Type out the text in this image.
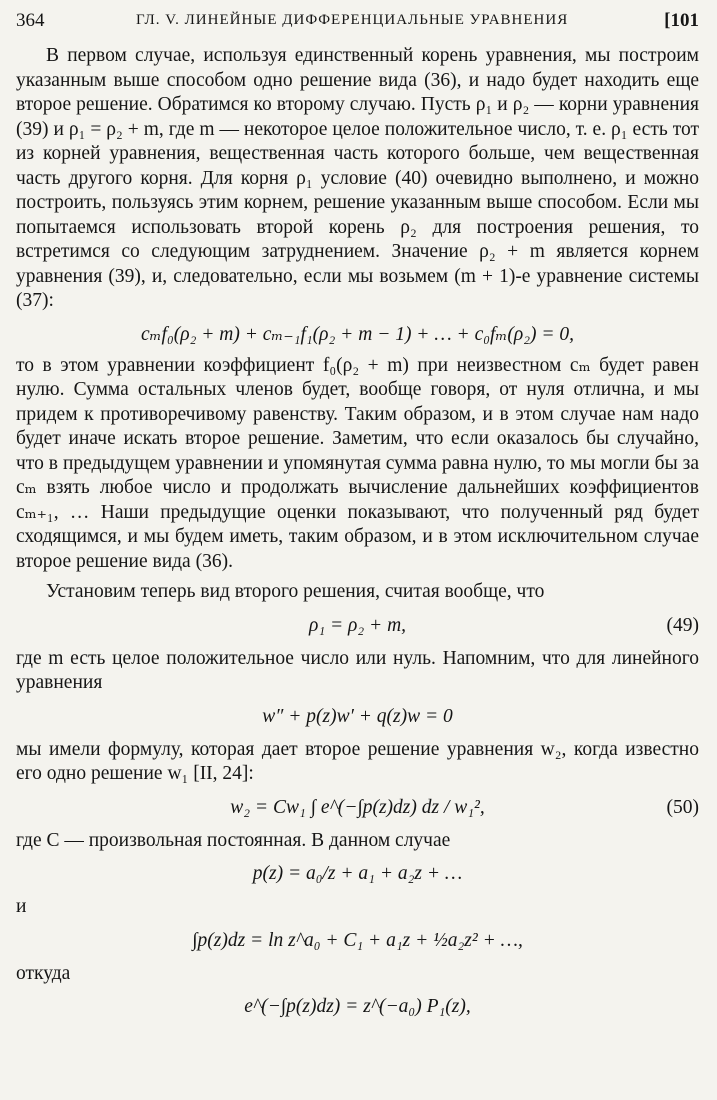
364	ГЛ. V. ЛИНЕЙНЫЕ ДИФФЕРЕНЦИАЛЬНЫЕ УРАВНЕНИЯ	[101

В первом случае, используя единственный корень уравнения, мы построим указанным выше способом одно решение вида (36), и надо будет находить еще второе решение. Обратимся ко второму случаю. Пусть ρ₁ и ρ₂ — корни уравнения (39) и ρ₁ = ρ₂ + m, где m — некоторое целое положительное число, т. е. ρ₁ есть тот из корней уравнения, вещественная часть которого больше, чем вещественная часть другого корня. Для корня ρ₁ условие (40) очевидно выполнено, и можно построить, пользуясь этим корнем, решение указанным выше способом. Если мы попытаемся использовать второй корень ρ₂ для построения решения, то встретимся со следующим затруднением. Значение ρ₂ + m является корнем уравнения (39), и, следовательно, если мы возьмем (m + 1)-е уравнение системы (37):

cₘf₀(ρ₂ + m) + cₘ₋₁f₁(ρ₂ + m − 1) + … + c₀fₘ(ρ₂) = 0,

то в этом уравнении коэффициент f₀(ρ₂ + m) при неизвестном cₘ будет равен нулю. Сумма остальных членов будет, вообще говоря, от нуля отлична, и мы придем к противоречивому равенству. Таким образом, и в этом случае нам надо будет иначе искать второе решение. Заметим, что если оказалось бы случайно, что в предыдущем уравнении и упомянутая сумма равна нулю, то мы могли бы за cₘ взять любое число и продолжать вычисление дальнейших коэффициентов cₘ₊₁, … Наши предыдущие оценки показывают, что полученный ряд будет сходящимся, и мы будем иметь, таким образом, и в этом исключительном случае второе решение вида (36).

Установим теперь вид второго решения, считая вообще, что

ρ₁ = ρ₂ + m,	(49)

где m есть целое положительное число или нуль. Напомним, что для линейного уравнения

w″ + p(z)w′ + q(z)w = 0

мы имели формулу, которая дает второе решение уравнения w₂, когда известно его одно решение w₁ [II, 24]:

w₂ = Cw₁ ∫ e^(−∫p(z)dz) dz / w₁²,	(50)

где C — произвольная постоянная. В данном случае

p(z) = a₀/z + a₁ + a₂z + …

и

∫p(z)dz = ln z^a₀ + C₁ + a₁z + ½a₂z² + …,

откуда

e^(−∫p(z)dz) = z^(−a₀) P₁(z),
